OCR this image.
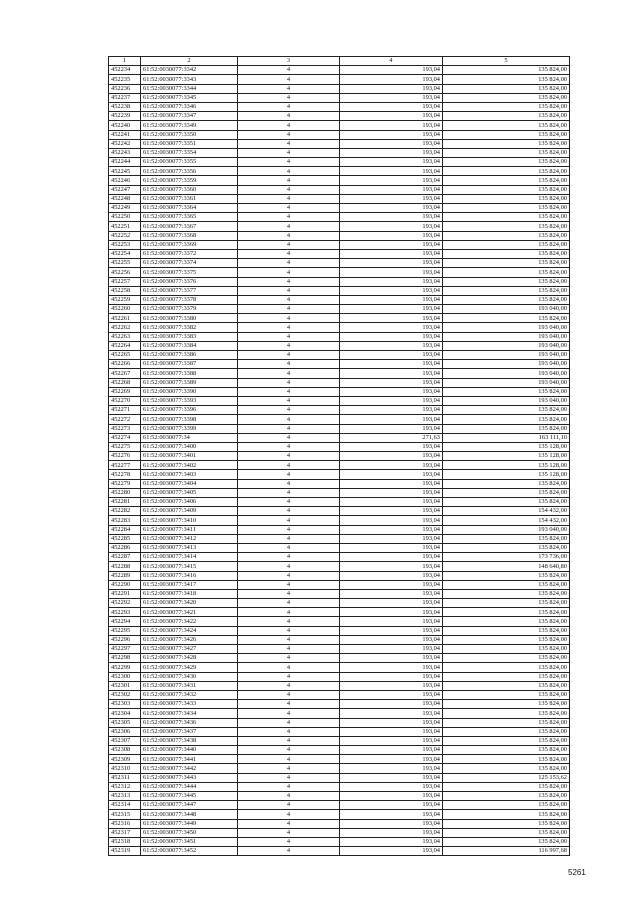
1	2	3	4	5
452234	61:52:0030077:3342	4	193,04	135 824,00
452235	61:52:0030077:3343	4	193,04	135 824,00
452236	61:52:0030077:3344	4	193,04	135 824,00
452237	61:52:0030077:3345	4	193,04	135 824,00
452238	61:52:0030077:3346	4	193,04	135 824,00
452239	61:52:0030077:3347	4	193,04	135 824,00
452240	61:52:0030077:3349	4	193,04	135 824,00
452241	61:52:0030077:3350	4	193,04	135 824,00
452242	61:52:0030077:3351	4	193,04	135 824,00
452243	61:52:0030077:3354	4	193,04	135 824,00
452244	61:52:0030077:3355	4	193,04	135 824,00
452245	61:52:0030077:3356	4	193,04	135 824,00
452246	61:52:0030077:3359	4	193,04	135 824,00
452247	61:52:0030077:3360	4	193,04	135 824,00
452248	61:52:0030077:3361	4	193,04	135 824,00
452249	61:52:0030077:3364	4	193,04	135 824,00
452250	61:52:0030077:3365	4	193,04	135 824,00
452251	61:52:0030077:3367	4	193,04	135 824,00
452252	61:52:0030077:3368	4	193,04	135 824,00
452253	61:52:0030077:3369	4	193,04	135 824,00
452254	61:52:0030077:3372	4	193,04	135 824,00
452255	61:52:0030077:3374	4	193,04	135 824,00
452256	61:52:0030077:3375	4	193,04	135 824,00
452257	61:52:0030077:3376	4	193,04	135 824,00
452258	61:52:0030077:3377	4	193,04	135 824,00
452259	61:52:0030077:3378	4	193,04	135 824,00
452260	61:52:0030077:3379	4	193,04	193 040,00
452261	61:52:0030077:3380	4	193,04	135 824,00
452262	61:52:0030077:3382	4	193,04	193 040,00
452263	61:52:0030077:3383	4	193,04	193 040,00
452264	61:52:0030077:3384	4	193,04	193 040,00
452265	61:52:0030077:3386	4	193,04	193 040,00
452266	61:52:0030077:3387	4	193,04	193 040,00
452267	61:52:0030077:3388	4	193,04	193 040,00
452268	61:52:0030077:3389	4	193,04	193 040,00
452269	61:52:0030077:3390	4	193,04	135 824,00
452270	61:52:0030077:3393	4	193,04	193 040,00
452271	61:52:0030077:3396	4	193,04	135 824,00
452272	61:52:0030077:3398	4	193,04	135 824,00
452273	61:52:0030077:3399	4	193,04	135 824,00
452274	61:52:0030077:34	4	271,63	163 111,10
452275	61:52:0030077:3400	4	193,04	135 128,00
452276	61:52:0030077:3401	4	193,04	135 128,00
452277	61:52:0030077:3402	4	193,04	135 128,00
452278	61:52:0030077:3403	4	193,04	135 128,00
452279	61:52:0030077:3404	4	193,04	135 824,00
452280	61:52:0030077:3405	4	193,04	135 824,00
452281	61:52:0030077:3406	4	193,04	135 824,00
452282	61:52:0030077:3409	4	193,04	154 432,00
452283	61:52:0030077:3410	4	193,04	154 432,00
452284	61:52:0030077:3411	4	193,04	193 040,00
452285	61:52:0030077:3412	4	193,04	135 824,00
452286	61:52:0030077:3413	4	193,04	135 824,00
452287	61:52:0030077:3414	4	193,04	173 736,00
452288	61:52:0030077:3415	4	193,04	148 640,80
452289	61:52:0030077:3416	4	193,04	135 824,00
452290	61:52:0030077:3417	4	193,04	135 824,00
452291	61:52:0030077:3418	4	193,04	135 824,00
452292	61:52:0030077:3420	4	193,04	135 824,00
452293	61:52:0030077:3421	4	193,04	135 824,00
452294	61:52:0030077:3422	4	193,04	135 824,00
452295	61:52:0030077:3424	4	193,04	135 824,00
452296	61:52:0030077:3426	4	193,04	135 824,00
452297	61:52:0030077:3427	4	193,04	135 824,00
452298	61:52:0030077:3428	4	193,04	135 824,00
452299	61:52:0030077:3429	4	193,04	135 824,00
452300	61:52:0030077:3430	4	193,04	135 824,00
452301	61:52:0030077:3431	4	193,04	135 824,00
452302	61:52:0030077:3432	4	193,04	135 824,00
452303	61:52:0030077:3433	4	193,04	135 824,00
452304	61:52:0030077:3434	4	193,04	135 824,00
452305	61:52:0030077:3436	4	193,04	135 824,00
452306	61:52:0030077:3437	4	193,04	135 824,00
452307	61:52:0030077:3438	4	193,04	135 824,00
452308	61:52:0030077:3440	4	193,04	135 824,00
452309	61:52:0030077:3441	4	193,04	135 824,00
452310	61:52:0030077:3442	4	193,04	135 824,00
452311	61:52:0030077:3443	4	193,04	125 153,62
452312	61:52:0030077:3444	4	193,04	135 824,00
452313	61:52:0030077:3445	4	193,04	135 824,00
452314	61:52:0030077:3447	4	193,04	135 824,00
452315	61:52:0030077:3448	4	193,04	135 824,00
452316	61:52:0030077:3449	4	193,04	135 824,00
452317	61:52:0030077:3450	4	193,04	135 824,00
452318	61:52:0030077:3451	4	193,04	135 824,00
452319	61:52:0030077:3452	4	193,04	116 997,68
5261
